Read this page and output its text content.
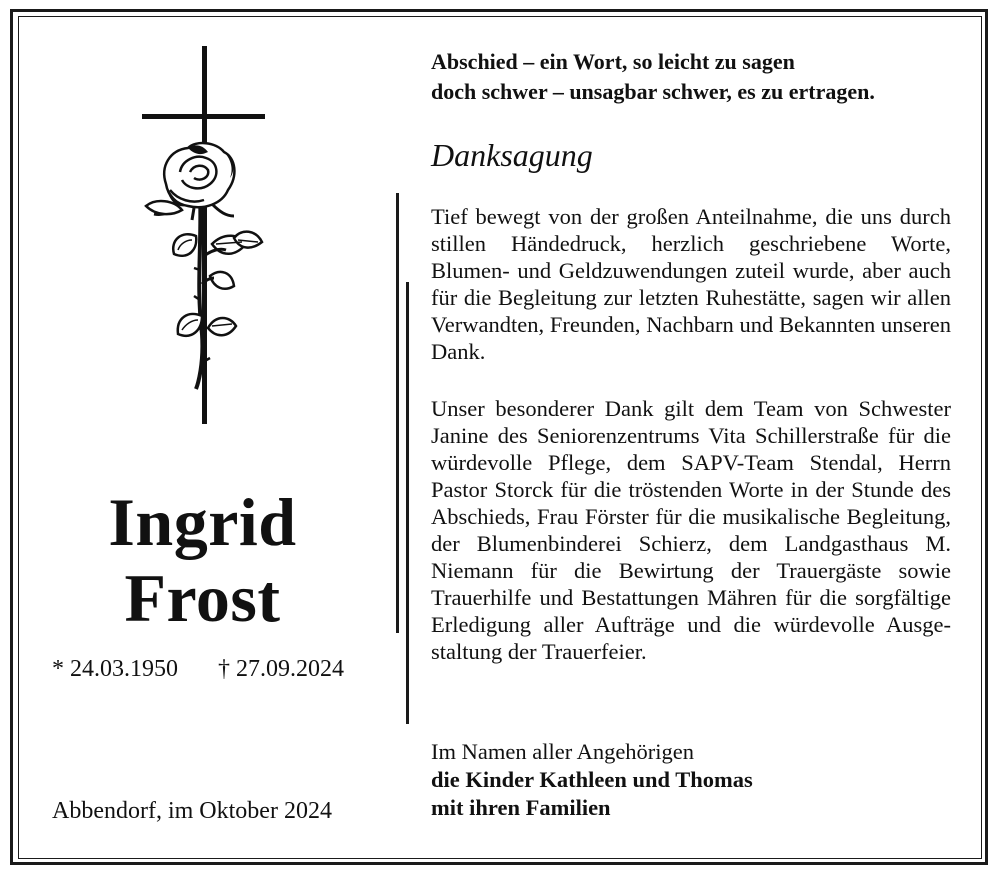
Ingrid
Frost
* 24.03.1950 † 27.09.2024
Abbendorf, im Oktober 2024
Abschied – ein Wort, so leicht zu sagen
doch schwer – unsagbar schwer, es zu ertragen.
Danksagung
Tief bewegt von der großen Anteilnahme, die uns durch stillen Händedruck, herzlich geschriebene Worte, Blumen- und Geldzuwendungen zuteil wurde, aber auch für die Begleitung zur letzten Ruhestätte, sagen wir allen Verwandten, Freunden, Nachbarn und Bekannten unseren Dank.
Unser besonderer Dank gilt dem Team von Schwester Janine des Seniorenzentrums Vita Schillerstraße für die würdevolle Pflege, dem SAPV-Team Stendal, Herrn Pastor Storck für die tröstenden Worte in der Stunde des Abschieds, Frau Förster für die musikalische Begleitung, der Blumenbinderei Schierz, dem Landgasthaus M. Niemann für die Bewirtung der Trauergäste sowie Trauerhilfe und Bestattungen Mähren für die sorgfältige Erledigung aller Aufträge und die würdevolle Ausgestaltung der Trauerfeier.
Im Namen aller Angehörigen
die Kinder Kathleen und Thomas
mit ihren Familien
